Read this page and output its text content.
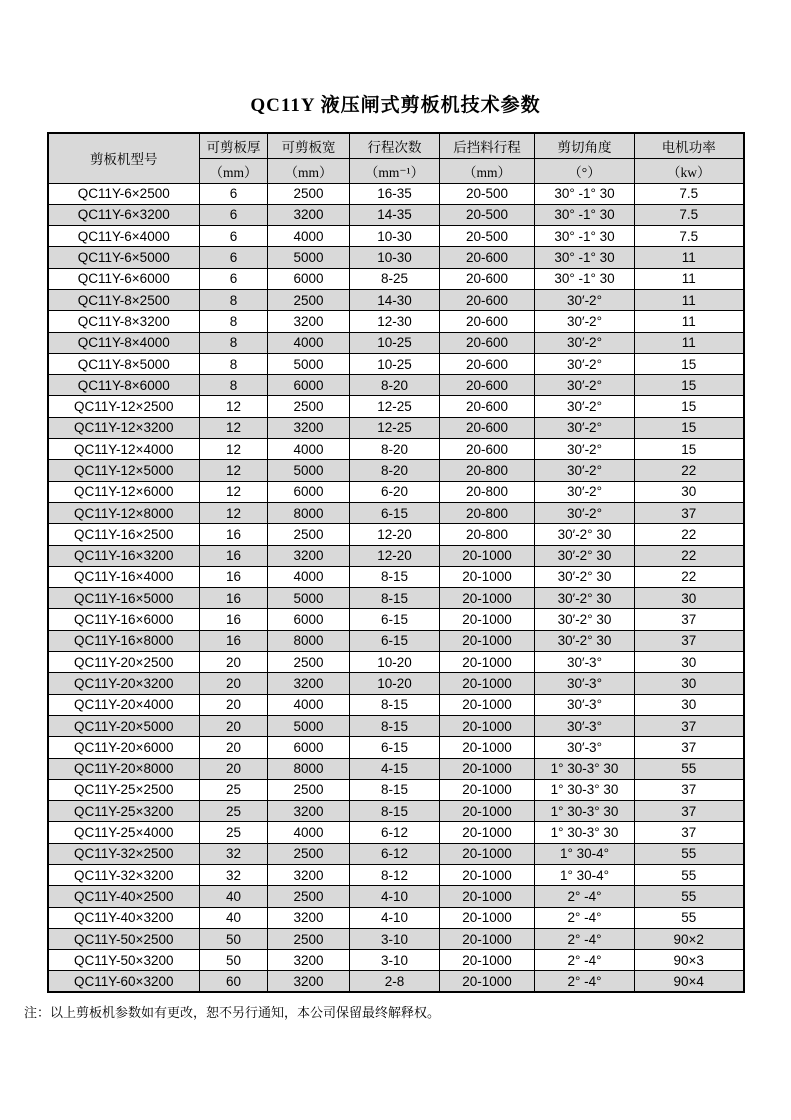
QC11Y 液压闸式剪板机技术参数
剪板机型号	可剪板厚	可剪板宽	行程次数	后挡料行程	剪切角度	电机功率
	（mm）	（mm）	（mm⁻¹）	（mm）	（°）	（kw）
QC11Y-6×2500	6	2500	16-35	20-500	30° -1° 30	7.5
QC11Y-6×3200	6	3200	14-35	20-500	30° -1° 30	7.5
QC11Y-6×4000	6	4000	10-30	20-500	30° -1° 30	7.5
QC11Y-6×5000	6	5000	10-30	20-600	30° -1° 30	11
QC11Y-6×6000	6	6000	8-25	20-600	30° -1° 30	11
QC11Y-8×2500	8	2500	14-30	20-600	30′-2°	11
QC11Y-8×3200	8	3200	12-30	20-600	30′-2°	11
QC11Y-8×4000	8	4000	10-25	20-600	30′-2°	11
QC11Y-8×5000	8	5000	10-25	20-600	30′-2°	15
QC11Y-8×6000	8	6000	8-20	20-600	30′-2°	15
QC11Y-12×2500	12	2500	12-25	20-600	30′-2°	15
QC11Y-12×3200	12	3200	12-25	20-600	30′-2°	15
QC11Y-12×4000	12	4000	8-20	20-600	30′-2°	15
QC11Y-12×5000	12	5000	8-20	20-800	30′-2°	22
QC11Y-12×6000	12	6000	6-20	20-800	30′-2°	30
QC11Y-12×8000	12	8000	6-15	20-800	30′-2°	37
QC11Y-16×2500	16	2500	12-20	20-800	30′-2° 30	22
QC11Y-16×3200	16	3200	12-20	20-1000	30′-2° 30	22
QC11Y-16×4000	16	4000	8-15	20-1000	30′-2° 30	22
QC11Y-16×5000	16	5000	8-15	20-1000	30′-2° 30	30
QC11Y-16×6000	16	6000	6-15	20-1000	30′-2° 30	37
QC11Y-16×8000	16	8000	6-15	20-1000	30′-2° 30	37
QC11Y-20×2500	20	2500	10-20	20-1000	30′-3°	30
QC11Y-20×3200	20	3200	10-20	20-1000	30′-3°	30
QC11Y-20×4000	20	4000	8-15	20-1000	30′-3°	30
QC11Y-20×5000	20	5000	8-15	20-1000	30′-3°	37
QC11Y-20×6000	20	6000	6-15	20-1000	30′-3°	37
QC11Y-20×8000	20	8000	4-15	20-1000	1° 30-3° 30	55
QC11Y-25×2500	25	2500	8-15	20-1000	1° 30-3° 30	37
QC11Y-25×3200	25	3200	8-15	20-1000	1° 30-3° 30	37
QC11Y-25×4000	25	4000	6-12	20-1000	1° 30-3° 30	37
QC11Y-32×2500	32	2500	6-12	20-1000	1° 30-4°	55
QC11Y-32×3200	32	3200	8-12	20-1000	1° 30-4°	55
QC11Y-40×2500	40	2500	4-10	20-1000	2° -4°	55
QC11Y-40×3200	40	3200	4-10	20-1000	2° -4°	55
QC11Y-50×2500	50	2500	3-10	20-1000	2° -4°	90×2
QC11Y-50×3200	50	3200	3-10	20-1000	2° -4°	90×3
QC11Y-60×3200	60	3200	2-8	20-1000	2° -4°	90×4

注：以上剪板机参数如有更改，恕不另行通知，本公司保留最终解释权。
